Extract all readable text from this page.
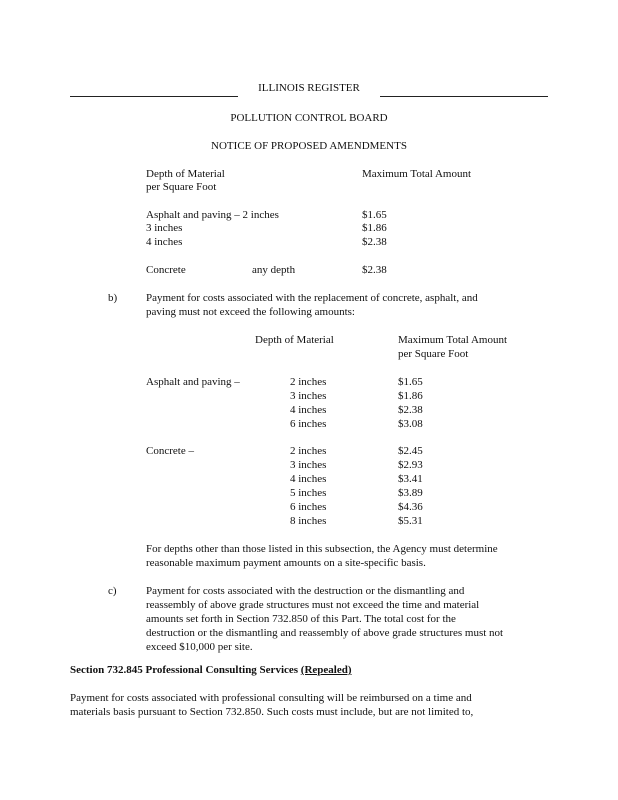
ILLINOIS REGISTER
POLLUTION CONTROL BOARD
NOTICE OF PROPOSED AMENDMENTS
Depth of Material
per Square Foot
Maximum Total Amount
Asphalt and paving – 2 inches	$1.65
3 inches	$1.86
4 inches	$2.38
Concrete	any depth	$2.38
b)	Payment for costs associated with the replacement of concrete, asphalt, and
paving must not exceed the following amounts:
Depth of Material	Maximum Total Amount
per Square Foot
Asphalt and paving –	2 inches	$1.65
3 inches	$1.86
4 inches	$2.38
6 inches	$3.08
Concrete –	2 inches	$2.45
3 inches	$2.93
4 inches	$3.41
5 inches	$3.89
6 inches	$4.36
8 inches	$5.31
For depths other than those listed in this subsection, the Agency must determine
reasonable maximum payment amounts on a site-specific basis.
c)	Payment for costs associated with the destruction or the dismantling and
reassembly of above grade structures must not exceed the time and material
amounts set forth in Section 732.850 of this Part. The total cost for the
destruction or the dismantling and reassembly of above grade structures must not
exceed $10,000 per site.
Section 732.845 Professional Consulting Services (Repealed)
Payment for costs associated with professional consulting will be reimbursed on a time and
materials basis pursuant to Section 732.850. Such costs must include, but are not limited to,
